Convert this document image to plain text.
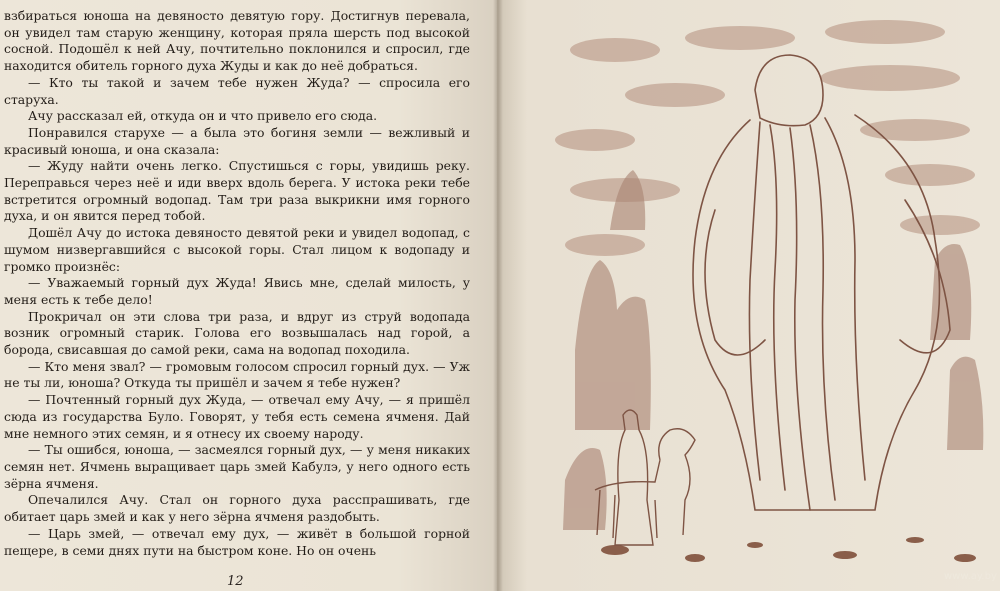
взбираться юноша на девяносто девятую гору. Достигнув перевала, он увидел там старую женщину, которая пряла шерсть под высокой сосной. Подошёл к ней Ачу, почтительно поклонился и спросил, где находится обитель горного духа Жуды и как до неё добраться.

— Кто ты такой и зачем тебе нужен Жуда? — спросила его старуха.

Ачу рассказал ей, откуда он и что привело его сюда.

Понравился старухе — а была это богиня земли — вежливый и красивый юноша, и она сказала:

— Жуду найти очень легко. Спустишься с горы, увидишь реку. Переправься через неё и иди вверх вдоль берега. У истока реки тебе встретится огромный водопад. Там три раза выкрикни имя горного духа, и он явится перед тобой.

Дошёл Ачу до истока девяносто девятой реки и увидел водопад, с шумом низвергавшийся с высокой горы. Стал лицом к водопаду и громко произнёс:

— Уважаемый горный дух Жуда! Явись мне, сделай милость, у меня есть к тебе дело!

Прокричал он эти слова три раза, и вдруг из струй водопада возник огромный старик. Голова его возвышалась над горой, а борода, свисавшая до самой реки, сама на водопад походила.

— Кто меня звал? — громовым голосом спросил горный дух. — Уж не ты ли, юноша? Откуда ты пришёл и зачем я тебе нужен?

— Почтенный горный дух Жуда, — отвечал ему Ачу, — я пришёл сюда из государства Було. Говорят, у тебя есть семена ячменя. Дай мне немного этих семян, и я отнесу их своему народу.

— Ты ошибся, юноша, — засмеялся горный дух, — у меня никаких семян нет. Ячмень выращивает царь змей Кабулэ, у него одного есть зёрна ячменя.

Опечалился Ачу. Стал он горного духа расспрашивать, где обитает царь змей и как у него зёрна ячменя раздобыть.

— Царь змей, — отвечал ему дух, — живёт в большой горной пещере, в семи днях пути на быстром коне. Но он очень

12	www.ay.by
